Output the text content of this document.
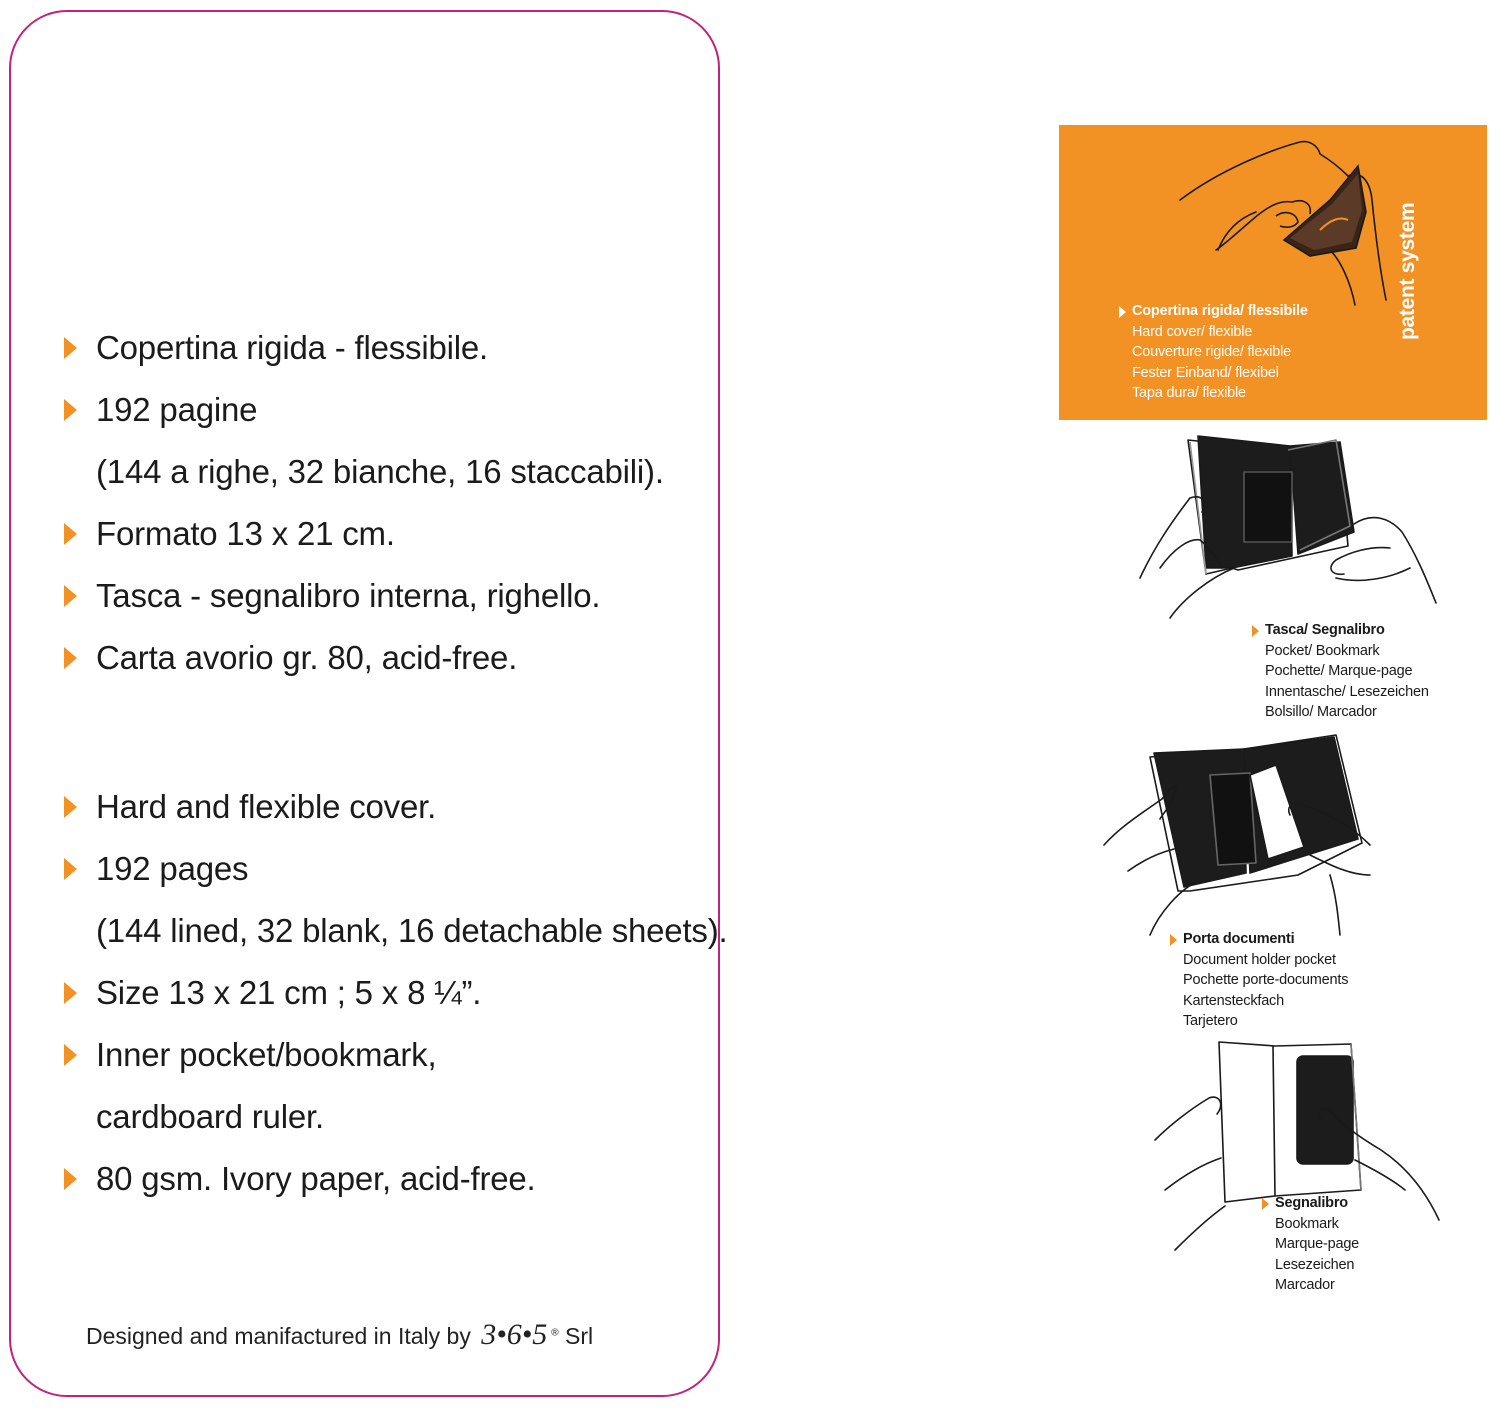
Copertina rigida - flessibile.
192 pagine
(144 a righe, 32 bianche, 16 staccabili).
Formato 13 x 21 cm.
Tasca - segnalibro interna, righello.
Carta avorio gr. 80, acid-free.
Hard and flexible cover.
192 pages
(144 lined, 32 blank, 16 detachable sheets).
Size 13 x 21 cm ; 5 x 8 ¼”.
Inner pocket/bookmark,
cardboard ruler.
80 gsm. Ivory paper, acid-free.
Designed and manifactured in Italy by 3•6•5 ® Srl
patent system
Copertina rigida/ flessibile
Hard cover/ flexible
Couverture rigide/ flexible
Fester Einband/ flexibel
Tapa dura/ flexible
Tasca/ Segnalibro
Pocket/ Bookmark
Pochette/ Marque-page
Innentasche/ Lesezeichen
Bolsillo/ Marcador
Porta documenti
Document holder pocket
Pochette porte-documents
Kartensteckfach
Tarjetero
Segnalibro
Bookmark
Marque-page
Lesezeichen
Marcador
